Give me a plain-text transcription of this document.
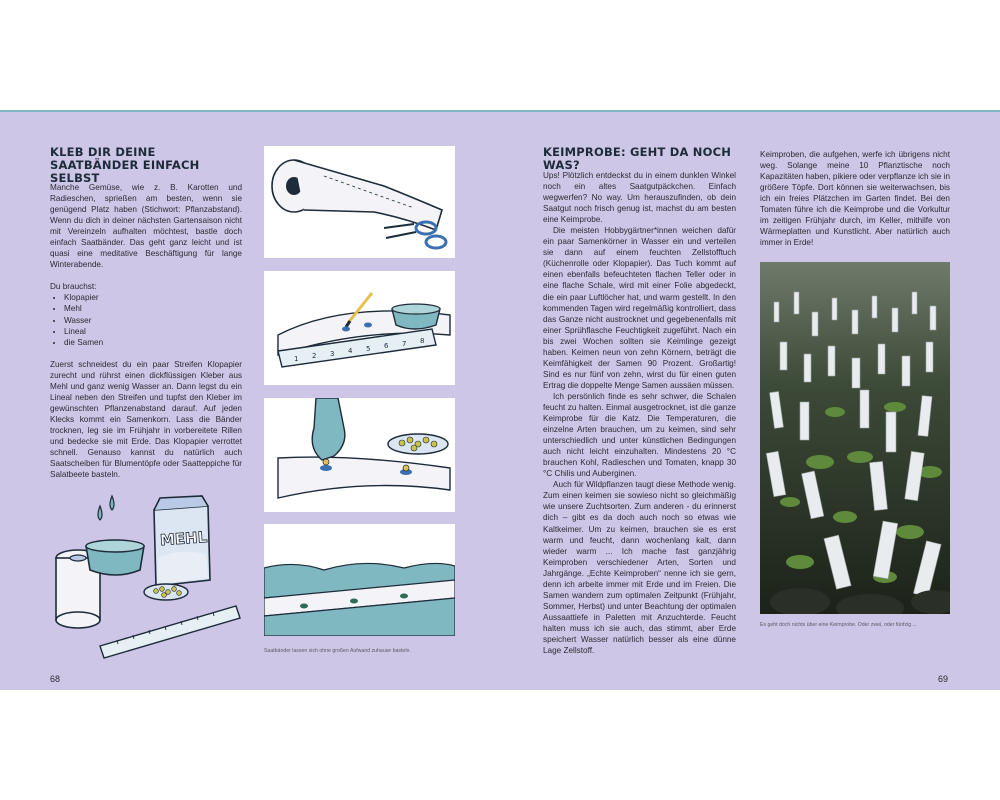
KLEB DIR DEINE SAATBÄNDER EINFACH SELBST

Manche Gemüse, wie z. B. Karotten und Radieschen, sprießen am besten, wenn sie genügend Platz haben (Stichwort: Pflanzabstand). Wenn du dich in deiner nächsten Gartensaison nicht mit Vereinzeln aufhalten möchtest, bastle doch einfach Saatbänder. Das geht ganz leicht und ist quasi eine meditative Beschäftigung für lange Winterabende.

Du brauchst:

• Klopapier
• Mehl
• Wasser
• Lineal
• die Samen

Zuerst schneidest du ein paar Streifen Klopapier zurecht und rührst einen dickflüssigen Kleber aus Mehl und ganz wenig Wasser an. Dann legst du ein Lineal neben den Streifen und tupfst den Kleber im gewünschten Pflanzenabstand darauf. Auf jeden Klecks kommt ein Samenkorn. Lass die Bänder trocknen, leg sie im Frühjahr in vorbereitete Rillen und bedecke sie mit Erde. Das Klopapier verrottet schnell. Genauso kannst du natürlich auch Saatscheiben für Blumentöpfe oder Saatteppiche für Salatbeete basteln.

MEHL
1 2 3 4 5 6 7 8
Saatbänder lassen sich ohne großen Aufwand zuhause basteln.
68
KEIMPROBE: GEHT DA NOCH WAS?

Ups! Plötzlich entdeckst du in einem dunklen Winkel noch ein altes Saatgutpäckchen. Einfach wegwerfen? No way. Um herauszufinden, ob dein Saatgut noch frisch genug ist, machst du am besten eine Keimprobe.

Die meisten Hobbygärtner*innen weichen dafür ein paar Samenkörner in Wasser ein und verteilen sie dann auf einem feuchten Zellstofftuch (Küchenrolle oder Klopapier). Das Tuch kommt auf einen ebenfalls befeuchteten flachen Teller oder in eine flache Schale, wird mit einer Folie abgedeckt, die ein paar Luftlöcher hat, und warm gestellt. In den kommenden Tagen wird regelmäßig kontrolliert, dass das Ganze nicht austrocknet und gegebenenfalls mit einer Sprühflasche Feuchtigkeit zugeführt. Nach ein bis zwei Wochen sollten sie Keimlinge gezeigt haben. Keimen neun von zehn Körnern, beträgt die Keimfähigkeit der Samen 90 Prozent. Großartig! Sind es nur fünf von zehn, wirst du für einen guten Ertrag die doppelte Menge Samen aussäen müssen.

Ich persönlich finde es sehr schwer, die Schalen feucht zu halten. Einmal ausgetrocknet, ist die ganze Keimprobe für die Katz. Die Temperaturen, die einzelne Arten brauchen, um zu keimen, sind sehr unterschiedlich und unter künstlichen Bedingungen auch nicht leicht einzuhalten. Mindestens 20 °C brauchen Kohl, Radieschen und Tomaten, knapp 30 °C Chilis und Auberginen.

Auch für Wildpflanzen taugt diese Methode wenig. Zum einen keimen sie sowieso nicht so gleichmäßig wie unsere Zuchtsorten. Zum anderen - du erinnerst dich – gibt es da doch auch noch so etwas wie Kaltkeimer. Um zu keimen, brauchen sie es erst warm und feucht, dann wochenlang kalt, dann wieder warm ... Ich mache fast ganzjährig Keimproben verschiedener Arten, Sorten und Jahrgänge. „Echte Keimproben“ nenne ich sie gern, denn ich arbeite immer mit Erde und im Freien. Die Samen wandern zum optimalen Zeitpunkt (Frühjahr, Sommer, Herbst) und unter Beachtung der optimalen Aussaattiefe in Paletten mit Anzuchterde. Feucht halten muss ich sie auch, das stimmt, aber Erde speichert Wasser natürlich besser als eine dünne Lage Zellstoff.

Keimproben, die aufgehen, werfe ich übrigens nicht weg. Solange meine 10 Pflanztische noch Kapazitäten haben, pikiere oder verpflanze ich sie in größere Töpfe. Dort können sie weiterwachsen, bis ich ein freies Plätzchen im Garten findet. Bei den Tomaten führe ich die Keimprobe und die Vorkultur im zeitigen Frühjahr durch, im Keller, mithilfe von Wärmeplatten und Kunstlicht. Aber natürlich auch immer in Erde!

Es geht doch nichts über eine Keimprobe. Oder zwei, oder fünfzig ...
69
